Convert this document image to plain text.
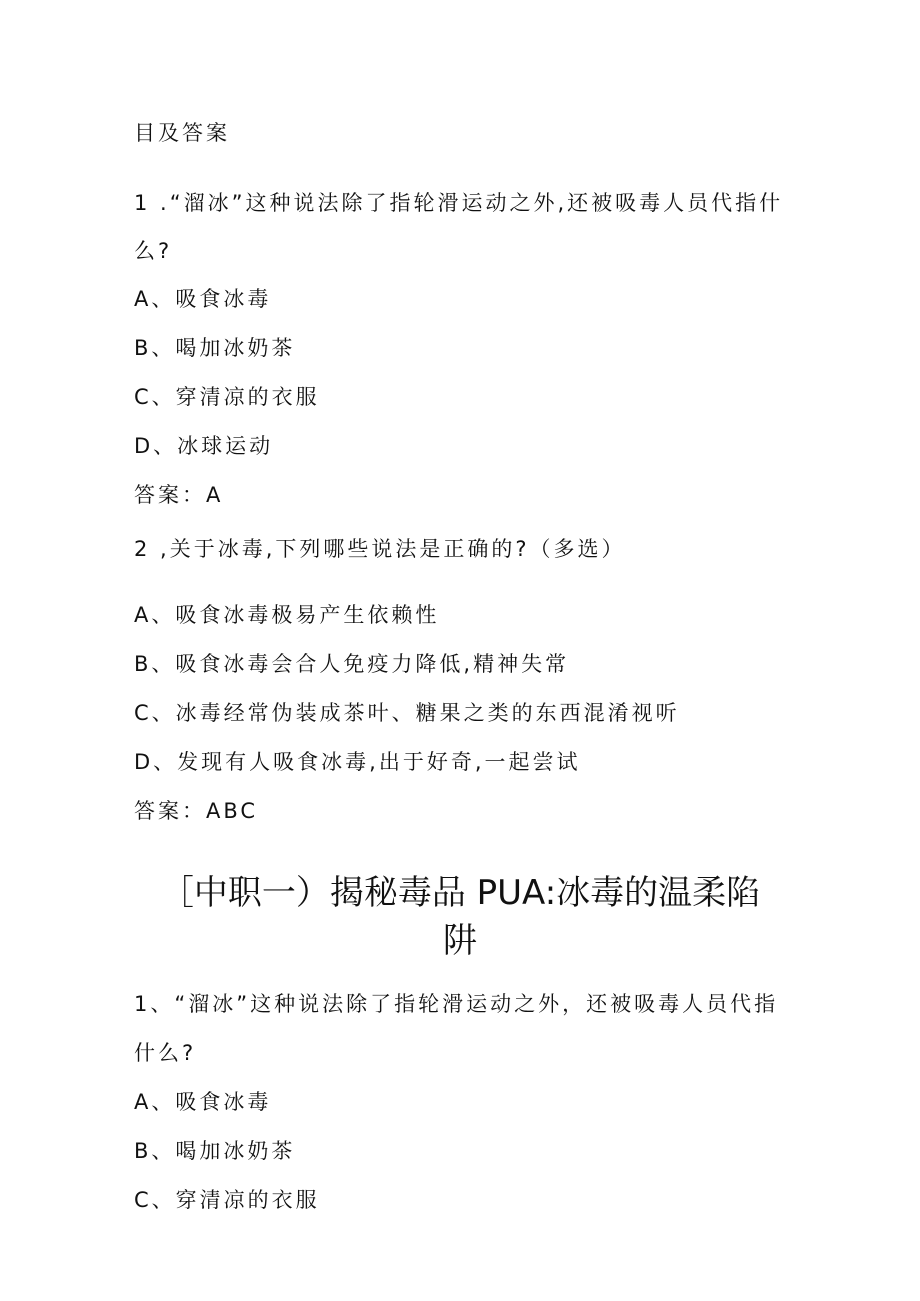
目及答案

1 .“溜冰”这种说法除了指轮滑运动之外,还被吸毒人员代指什

么?

A、吸食冰毒

B、喝加冰奶茶

C、穿清凉的衣服

D、冰球运动

答案：A

2 ,关于冰毒,下列哪些说法是正确的?（多选）

A、吸食冰毒极易产生依赖性

B、吸食冰毒会合人免疫力降低,精神失常

C、冰毒经常伪装成茶叶、糖果之类的东西混淆视听

D、发现有人吸食冰毒,出于好奇,一起尝试

答案：ABC

［中职一）揭秘毒品 PUA:冰毒的温柔陷

阱

1、“溜冰”这种说法除了指轮滑运动之外，还被吸毒人员代指

什么?

A、吸食冰毒

B、喝加冰奶茶

C、穿清凉的衣服
